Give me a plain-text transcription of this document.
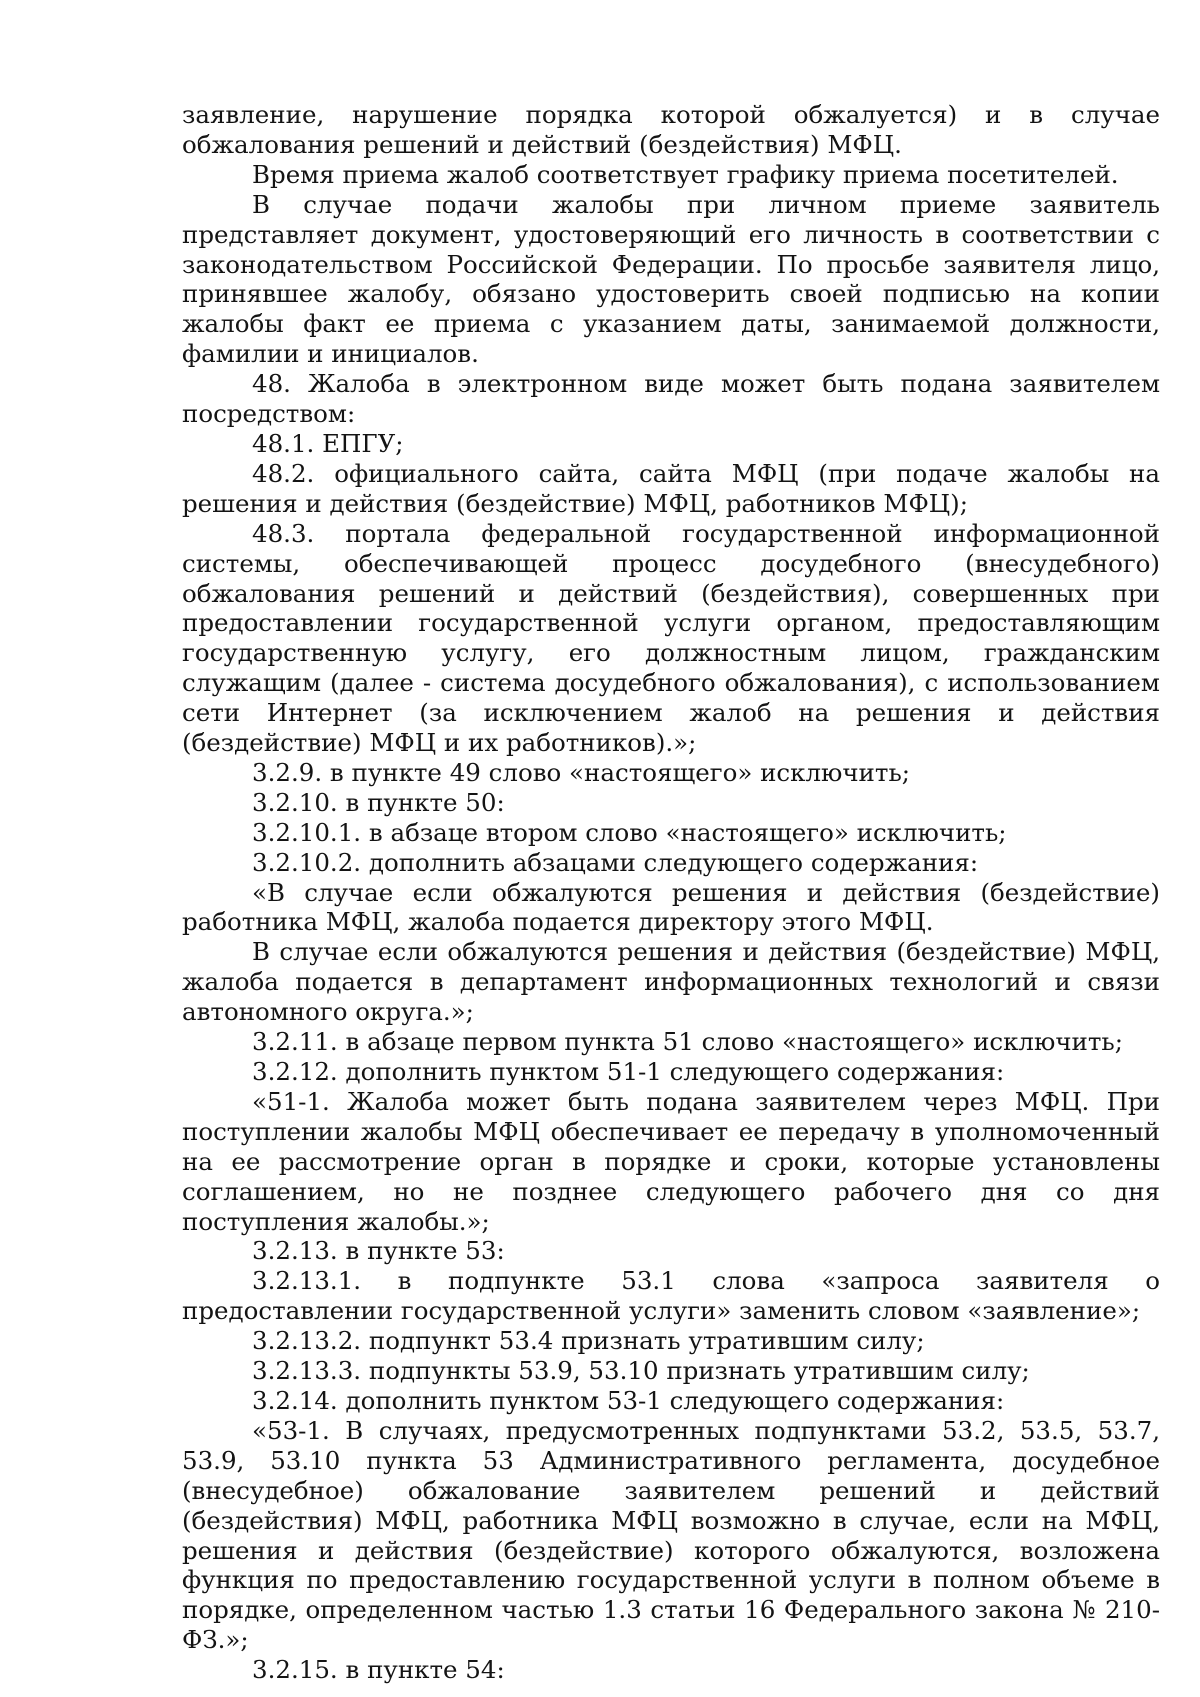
заявление, нарушение порядка которой обжалуется) и в случае обжалования решений и действий (бездействия) МФЦ.

Время приема жалоб соответствует графику приема посетителей.

В случае подачи жалобы при личном приеме заявитель представляет документ, удостоверяющий его личность в соответствии с законодательством Российской Федерации. По просьбе заявителя лицо, принявшее жалобу, обязано удостоверить своей подписью на копии жалобы факт ее приема с указанием даты, занимаемой должности, фамилии и инициалов.

48. Жалоба в электронном виде может быть подана заявителем посредством:

48.1. ЕПГУ;

48.2. официального сайта, сайта МФЦ (при подаче жалобы на решения и действия (бездействие) МФЦ, работников МФЦ);

48.3. портала федеральной государственной информационной системы, обеспечивающей процесс досудебного (внесудебного) обжалования решений и действий (бездействия), совершенных при предоставлении государственной услуги органом, предоставляющим государственную услугу, его должностным лицом, гражданским служащим (далее - система досудебного обжалования), с использованием сети Интернет (за исключением жалоб на решения и действия (бездействие) МФЦ и их работников).»;

3.2.9. в пункте 49 слово «настоящего» исключить;

3.2.10. в пункте 50:

3.2.10.1. в абзаце втором слово «настоящего» исключить;

3.2.10.2. дополнить абзацами следующего содержания:

«В случае если обжалуются решения и действия (бездействие) работника МФЦ, жалоба подается директору этого МФЦ.

В случае если обжалуются решения и действия (бездействие) МФЦ, жалоба подается в департамент информационных технологий и связи автономного округа.»;

3.2.11. в абзаце первом пункта 51 слово «настоящего» исключить;

3.2.12. дополнить пунктом 51-1 следующего содержания:

«51-1. Жалоба может быть подана заявителем через МФЦ. При поступлении жалобы МФЦ обеспечивает ее передачу в уполномоченный на ее рассмотрение орган в порядке и сроки, которые установлены соглашением, но не позднее следующего рабочего дня со дня поступления жалобы.»;

3.2.13. в пункте 53:

3.2.13.1. в подпункте 53.1 слова «запроса заявителя о предоставлении государственной услуги» заменить словом «заявление»;

3.2.13.2. подпункт 53.4 признать утратившим силу;

3.2.13.3. подпункты 53.9, 53.10 признать утратившим силу;

3.2.14. дополнить пунктом 53-1 следующего содержания:

«53-1. В случаях, предусмотренных подпунктами 53.2, 53.5, 53.7, 53.9, 53.10 пункта 53 Административного регламента, досудебное (внесудебное) обжалование заявителем решений и действий (бездействия) МФЦ, работника МФЦ возможно в случае, если на МФЦ, решения и действия (бездействие) которого обжалуются, возложена функция по предоставлению государственной услуги в полном объеме в порядке, определенном частью 1.3 статьи 16 Федерального закона № 210-ФЗ.»;

3.2.15. в пункте 54:
